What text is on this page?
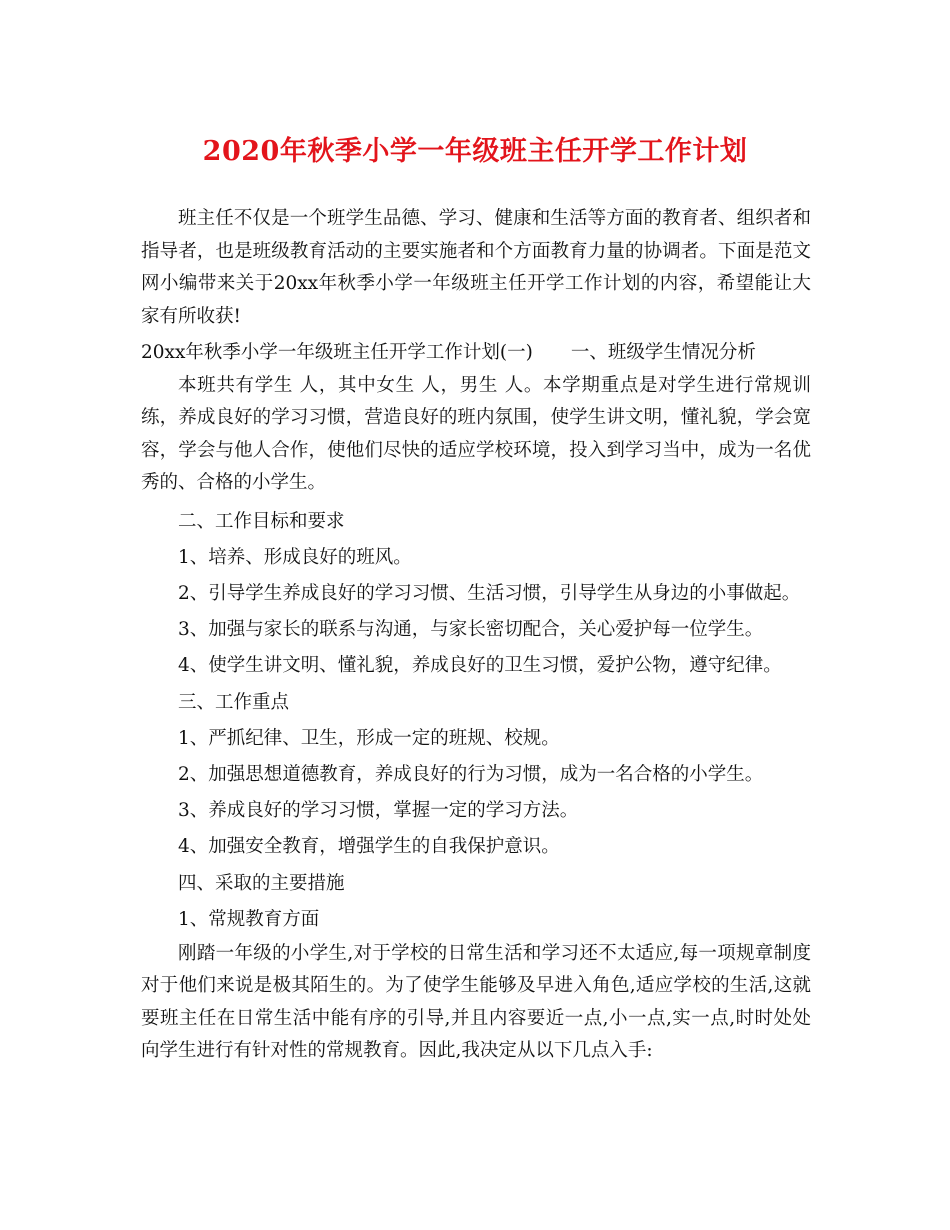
2020年秋季小学一年级班主任开学工作计划

班主任不仅是一个班学生品德、学习、健康和生活等方面的教育者、组织者和指导者，也是班级教育活动的主要实施者和个方面教育力量的协调者。下面是范文网小编带来关于20xx年秋季小学一年级班主任开学工作计划的内容，希望能让大家有所收获!

20xx年秋季小学一年级班主任开学工作计划(一) 一、班级学生情况分析

本班共有学生 人，其中女生 人，男生 人。本学期重点是对学生进行常规训练，养成良好的学习习惯，营造良好的班内氛围，使学生讲文明，懂礼貌，学会宽容，学会与他人合作，使他们尽快的适应学校环境，投入到学习当中，成为一名优秀的、合格的小学生。

二、工作目标和要求

1、培养、形成良好的班风。

2、引导学生养成良好的学习习惯、生活习惯，引导学生从身边的小事做起。

3、加强与家长的联系与沟通，与家长密切配合，关心爱护每一位学生。

4、使学生讲文明、懂礼貌，养成良好的卫生习惯，爱护公物，遵守纪律。

三、工作重点

1、严抓纪律、卫生，形成一定的班规、校规。

2、加强思想道德教育，养成良好的行为习惯，成为一名合格的小学生。

3、养成良好的学习习惯，掌握一定的学习方法。

4、加强安全教育，增强学生的自我保护意识。

四、采取的主要措施

1、常规教育方面

刚踏一年级的小学生,对于学校的日常生活和学习还不太适应,每一项规章制度对于他们来说是极其陌生的。为了使学生能够及早进入角色,适应学校的生活,这就要班主任在日常生活中能有序的引导,并且内容要近一点,小一点,实一点,时时处处向学生进行有针对性的常规教育。因此,我决定从以下几点入手:
